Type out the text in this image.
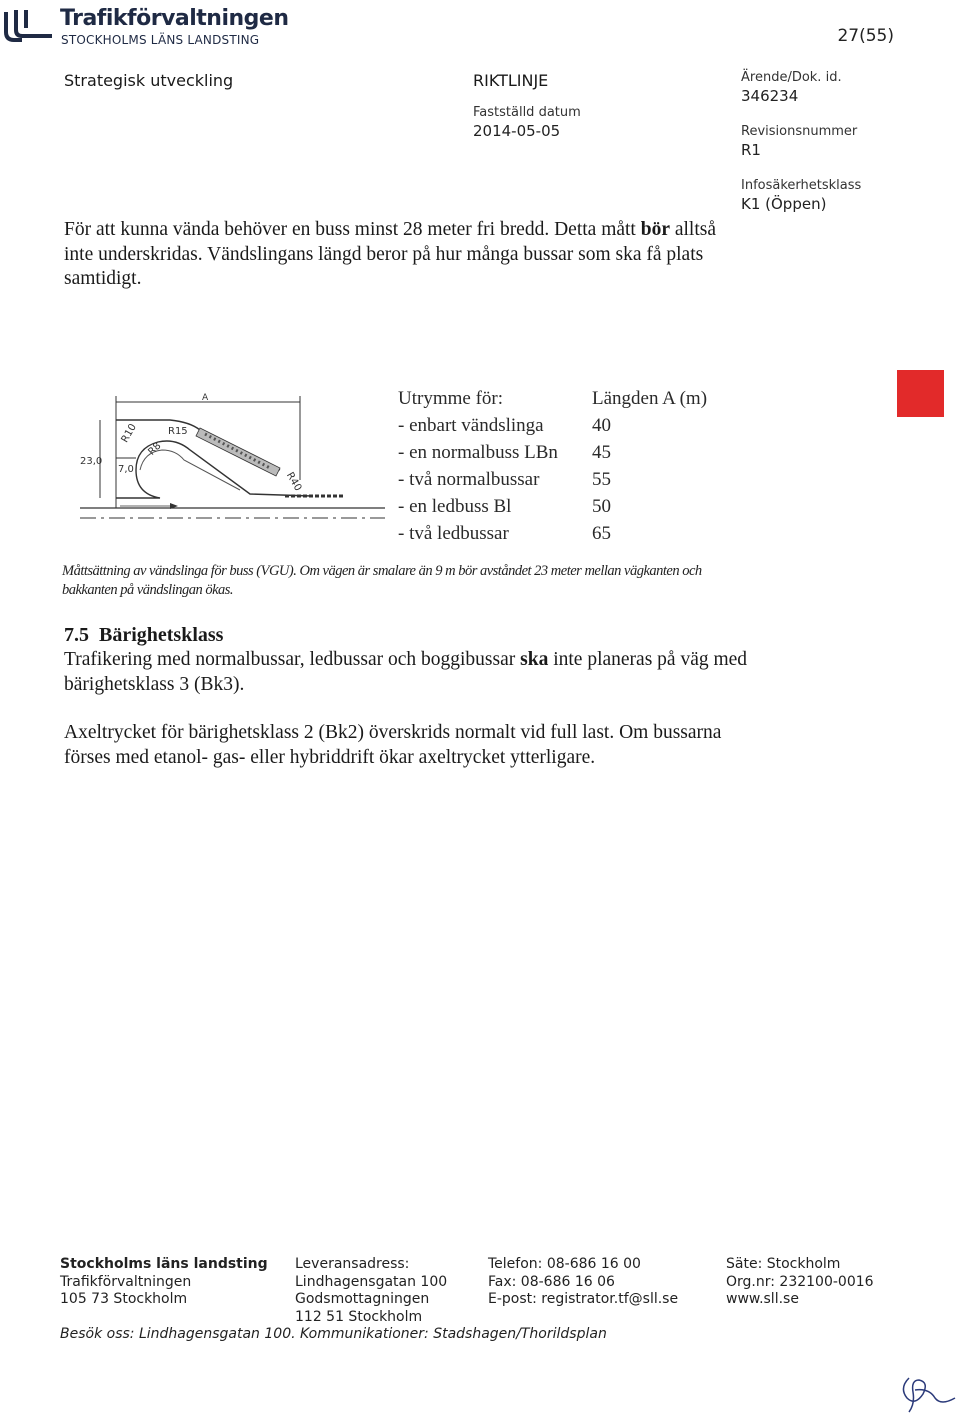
Trafikförvaltningen
STOCKHOLMS LÄNS LANDSTING	27(55)
Strategisk utveckling	RIKTLINJE
Fastställd datum
2014-05-05
Ärende/Dok. id.
346234
Revisionsnummer
R1
Infosäkerhetsklass
K1 (Öppen)
För att kunna vända behöver en buss minst 28 meter fri bredd. Detta mått bör alltså inte underskridas. Vändslingans längd beror på hur många bussar som ska få plats samtidigt.
A
23,0
7,0
R10	R15
R8
R40
Utrymme för:	Längden A (m)
- enbart vändslinga	40
- en normalbuss LBn 45
- två normalbussar	55
- en ledbuss Bl	50
- två ledbussar	65
Måttsättning av vändslinga för buss (VGU). Om vägen är smalare än 9 m bör avståndet 23 meter mellan vägkanten och bakkanten på vändslingan ökas.
7.5 Bärighetsklass
Trafikering med normalbussar, ledbussar och boggibussar ska inte planeras på väg med bärighetsklass 3 (Bk3).
Axeltrycket för bärighetsklass 2 (Bk2) överskrids normalt vid full last. Om bussarna förses med etanol- gas- eller hybriddrift ökar axeltrycket ytterligare.
Stockholms läns landsting
Trafikförvaltningen
105 73 Stockholm
Leveransadress:
Lindhagensgatan 100
Godsmottagningen
112 51 Stockholm
Telefon: 08-686 16 00
Fax: 08-686 16 06
E-post: registrator.tf@sll.se
Säte: Stockholm
Org.nr: 232100-0016
www.sll.se
Besök oss: Lindhagensgatan 100. Kommunikationer: Stadshagen/Thorildsplan
